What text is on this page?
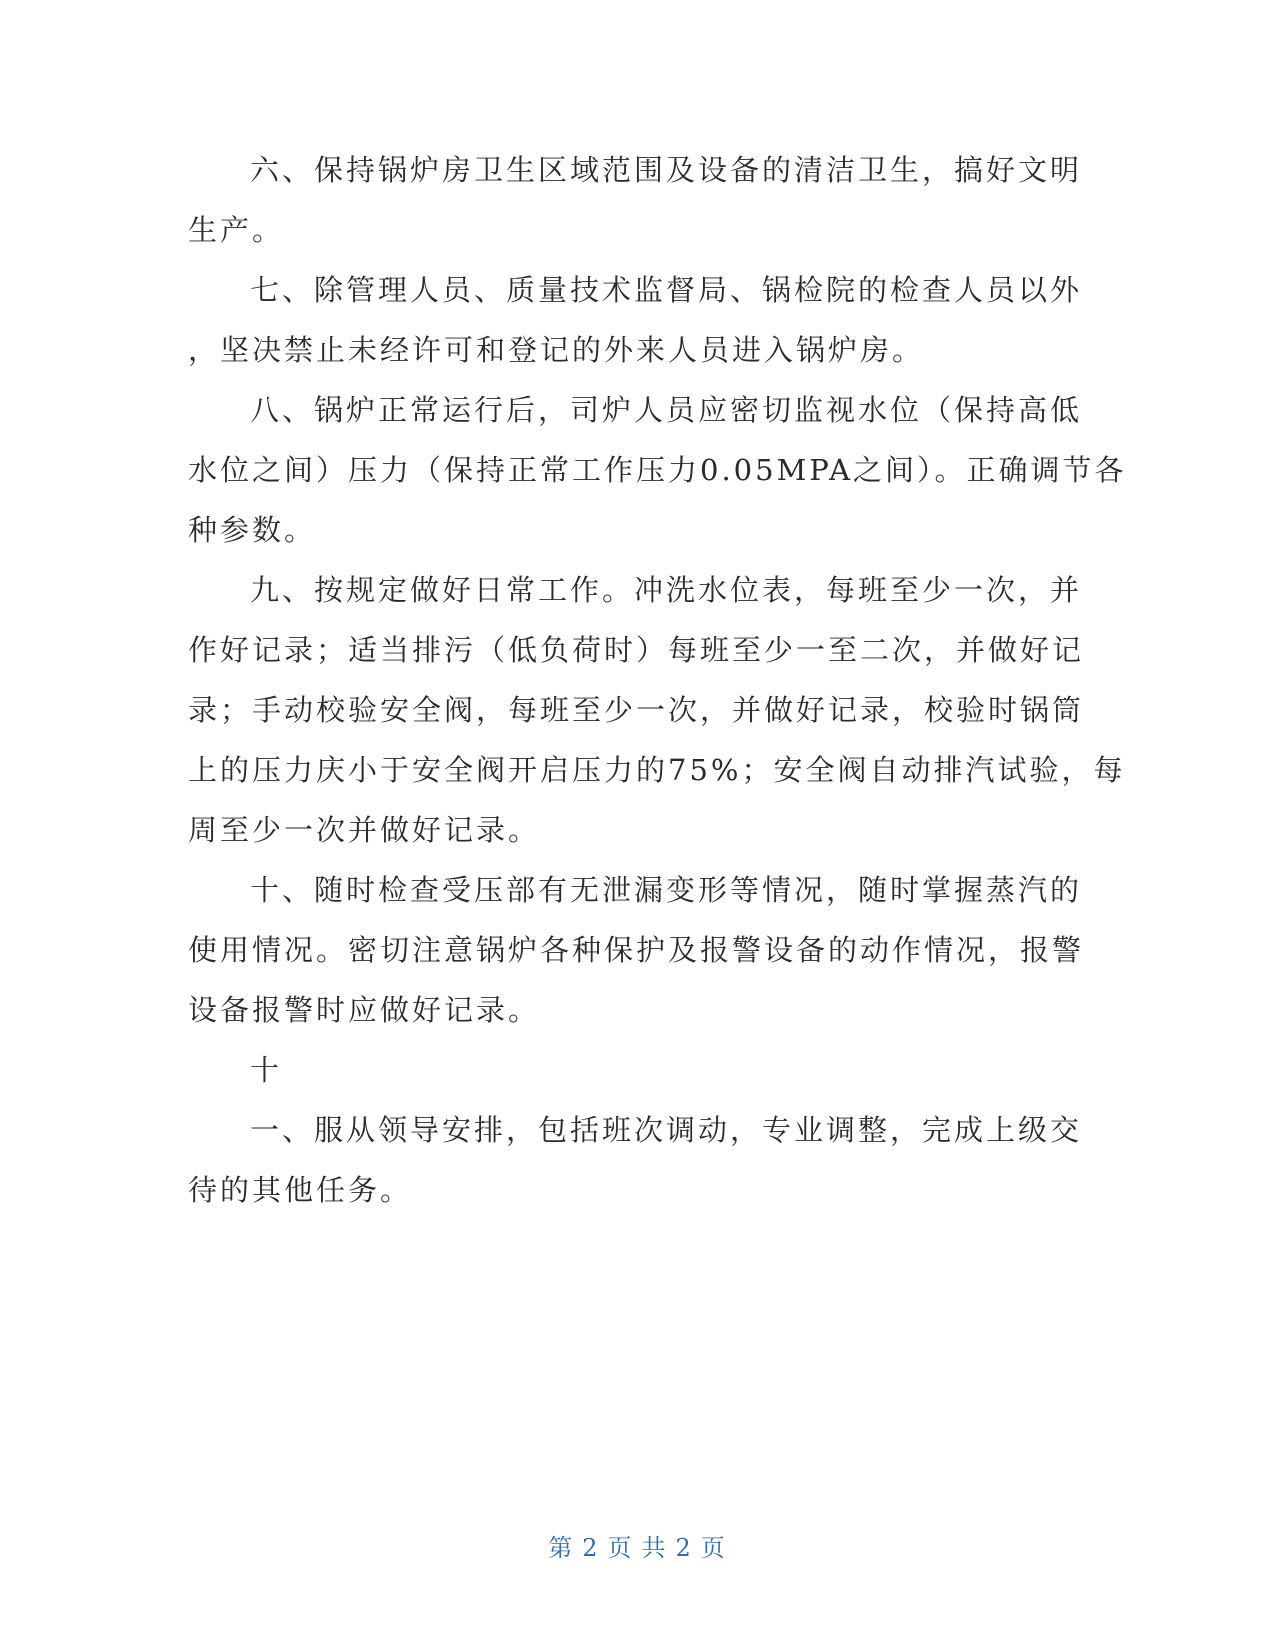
六、保持锅炉房卫生区域范围及设备的清洁卫生，搞好文明
生产。
七、除管理人员、质量技术监督局、锅检院的检查人员以外
，坚决禁止未经许可和登记的外来人员进入锅炉房。
八、锅炉正常运行后，司炉人员应密切监视水位（保持高低
水位之间）压力（保持正常工作压力0.05MPA之间）。正确调节各
种参数。
九、按规定做好日常工作。冲洗水位表，每班至少一次，并
作好记录；适当排污（低负荷时）每班至少一至二次，并做好记
录；手动校验安全阀，每班至少一次，并做好记录，校验时锅筒
上的压力庆小于安全阀开启压力的75%；安全阀自动排汽试验，每
周至少一次并做好记录。
十、随时检查受压部有无泄漏变形等情况，随时掌握蒸汽的
使用情况。密切注意锅炉各种保护及报警设备的动作情况，报警
设备报警时应做好记录。
十
一、服从领导安排，包括班次调动，专业调整，完成上级交
待的其他任务。
第 2 页 共 2 页
